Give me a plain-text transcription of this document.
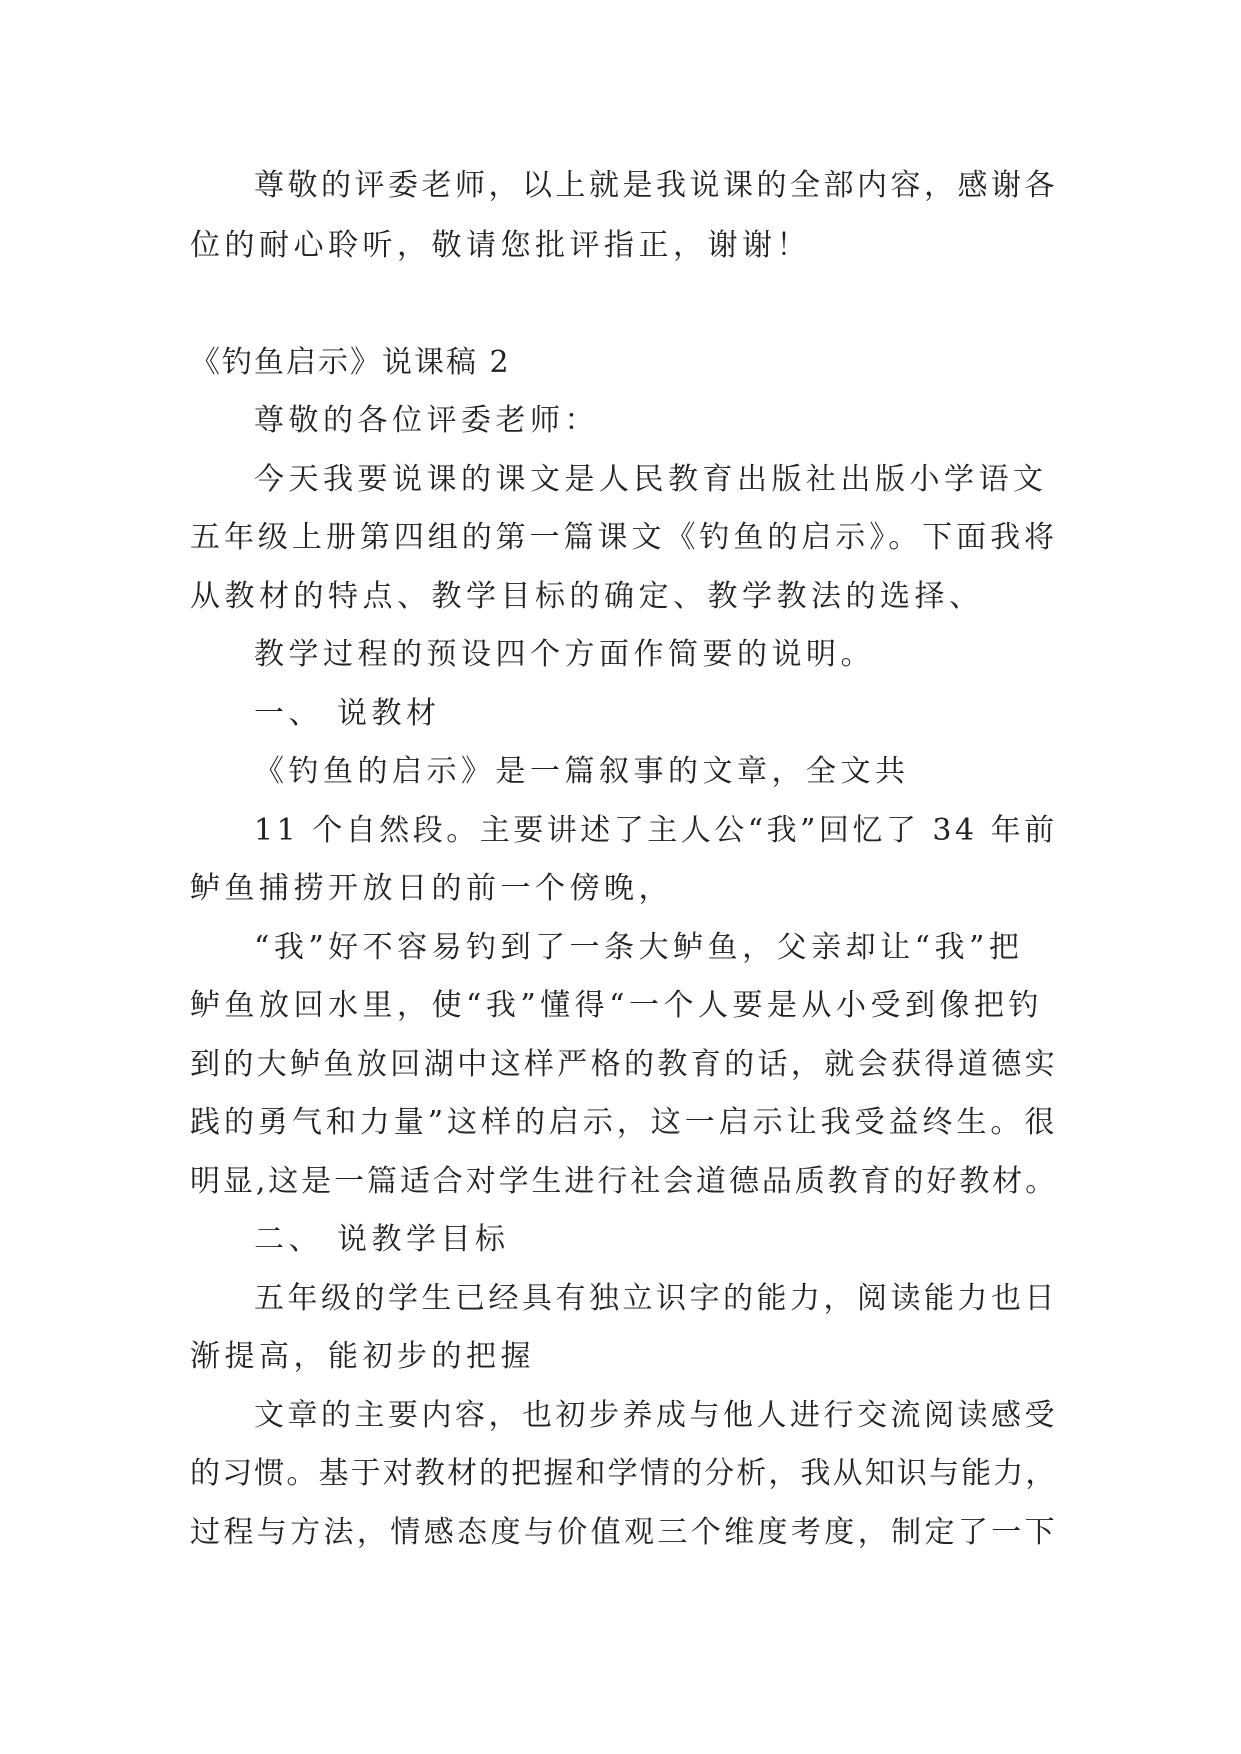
尊敬的评委老师，以上就是我说课的全部内容，感谢各
位的耐心聆听，敬请您批评指正，谢谢！
《钓鱼启示》说课稿 2
尊敬的各位评委老师：
今天我要说课的课文是人民教育出版社出版小学语文
五年级上册第四组的第一篇课文《钓鱼的启示》。下面我将
从教材的特点、教学目标的确定、教学教法的选择、
教学过程的预设四个方面作简要的说明。
一、 说教材
《钓鱼的启示》是一篇叙事的文章，全文共
11 个自然段。主要讲述了主人公“我”回忆了 34 年前
鲈鱼捕捞开放日的前一个傍晚，
“我”好不容易钓到了一条大鲈鱼，父亲却让“我”把
鲈鱼放回水里，使“我”懂得“一个人要是从小受到像把钓
到的大鲈鱼放回湖中这样严格的教育的话，就会获得道德实
践的勇气和力量”这样的启示，这一启示让我受益终生。很
明显,这是一篇适合对学生进行社会道德品质教育的好教材。
二、 说教学目标
五年级的学生已经具有独立识字的能力，阅读能力也日
渐提高，能初步的把握
文章的主要内容，也初步养成与他人进行交流阅读感受
的习惯。基于对教材的把握和学情的分析，我从知识与能力，
过程与方法，情感态度与价值观三个维度考度，制定了一下
